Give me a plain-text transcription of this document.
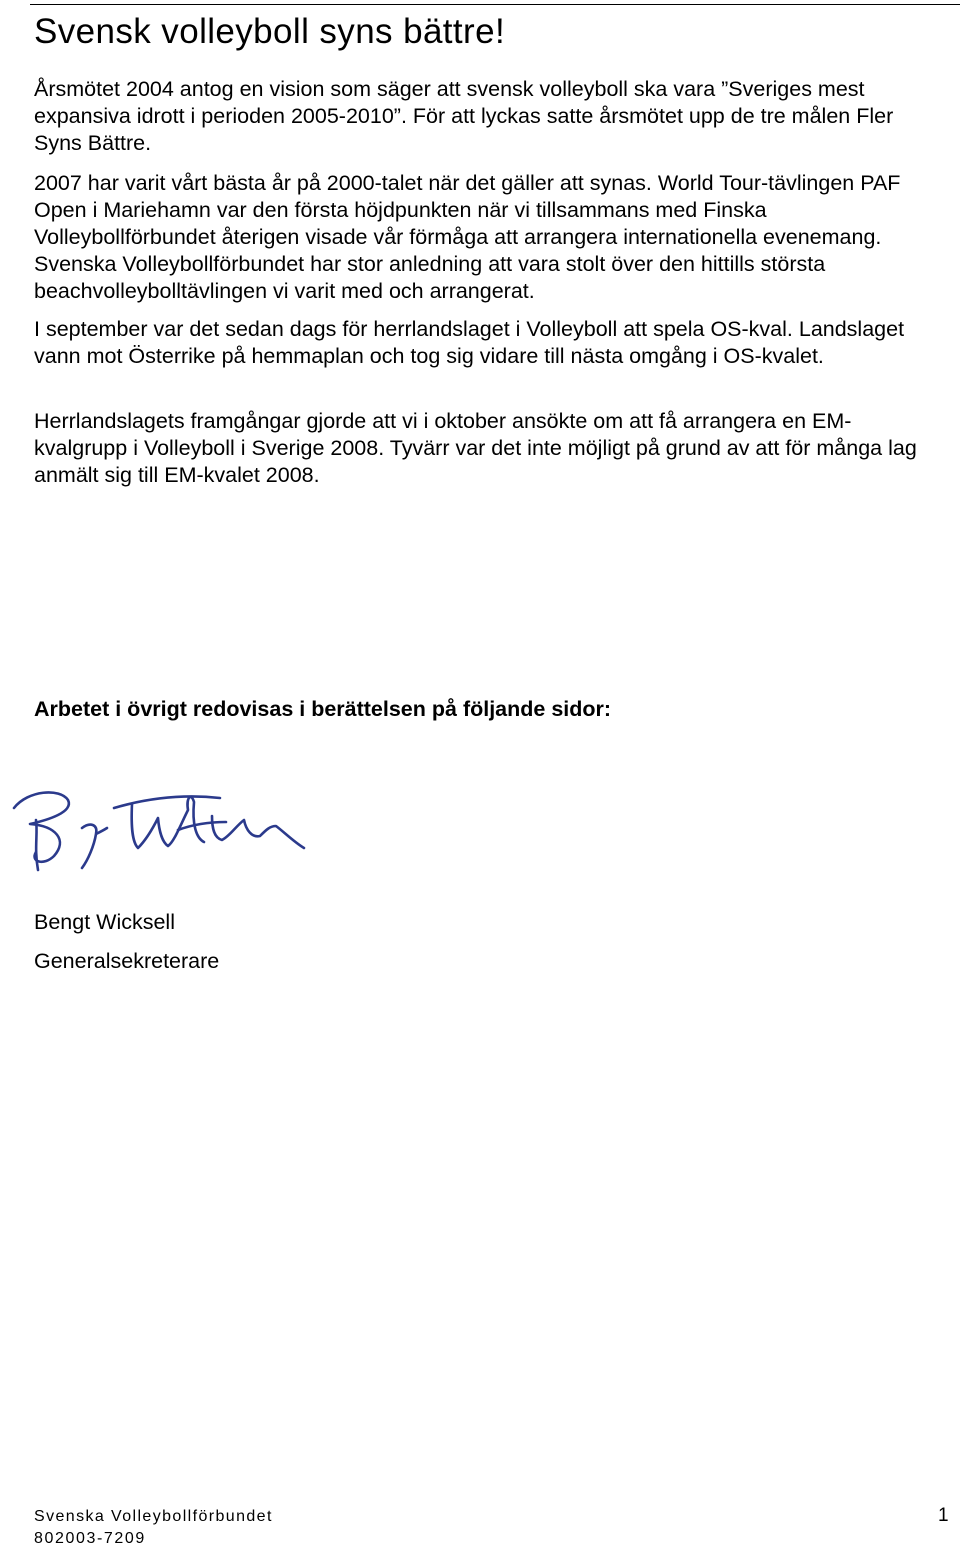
Svensk volleyboll syns bättre!

Årsmötet 2004 antog en vision som säger att svensk volleyboll ska vara ”Sveriges mest expansiva idrott i perioden 2005-2010”. För att lyckas satte årsmötet upp de tre målen Fler Syns Bättre.

2007 har varit vårt bästa år på 2000-talet när det gäller att synas. World Tour-tävlingen PAF Open i Mariehamn var den första höjdpunkten när vi tillsammans med Finska Volleybollförbundet återigen visade vår förmåga att arrangera internationella evenemang. Svenska Volleybollförbundet har stor anledning att vara stolt över den hittills största beachvolleybolltävlingen vi varit med och arrangerat.

I september var det sedan dags för herrlandslaget i Volleyboll att spela OS-kval. Landslaget vann mot Österrike på hemmaplan och tog sig vidare till nästa omgång i OS-kvalet.

Herrlandslagets framgångar gjorde att vi i oktober ansökte om att få arrangera en EM-kvalgrupp i Volleyboll i Sverige 2008. Tyvärr var det inte möjligt på grund av att för många lag anmält sig till EM-kvalet 2008.

Arbetet i övrigt redovisas i berättelsen på följande sidor:

Bengt Wicksell

Generalsekreterare

Svenska Volleybollförbundet
802003-7209
1
